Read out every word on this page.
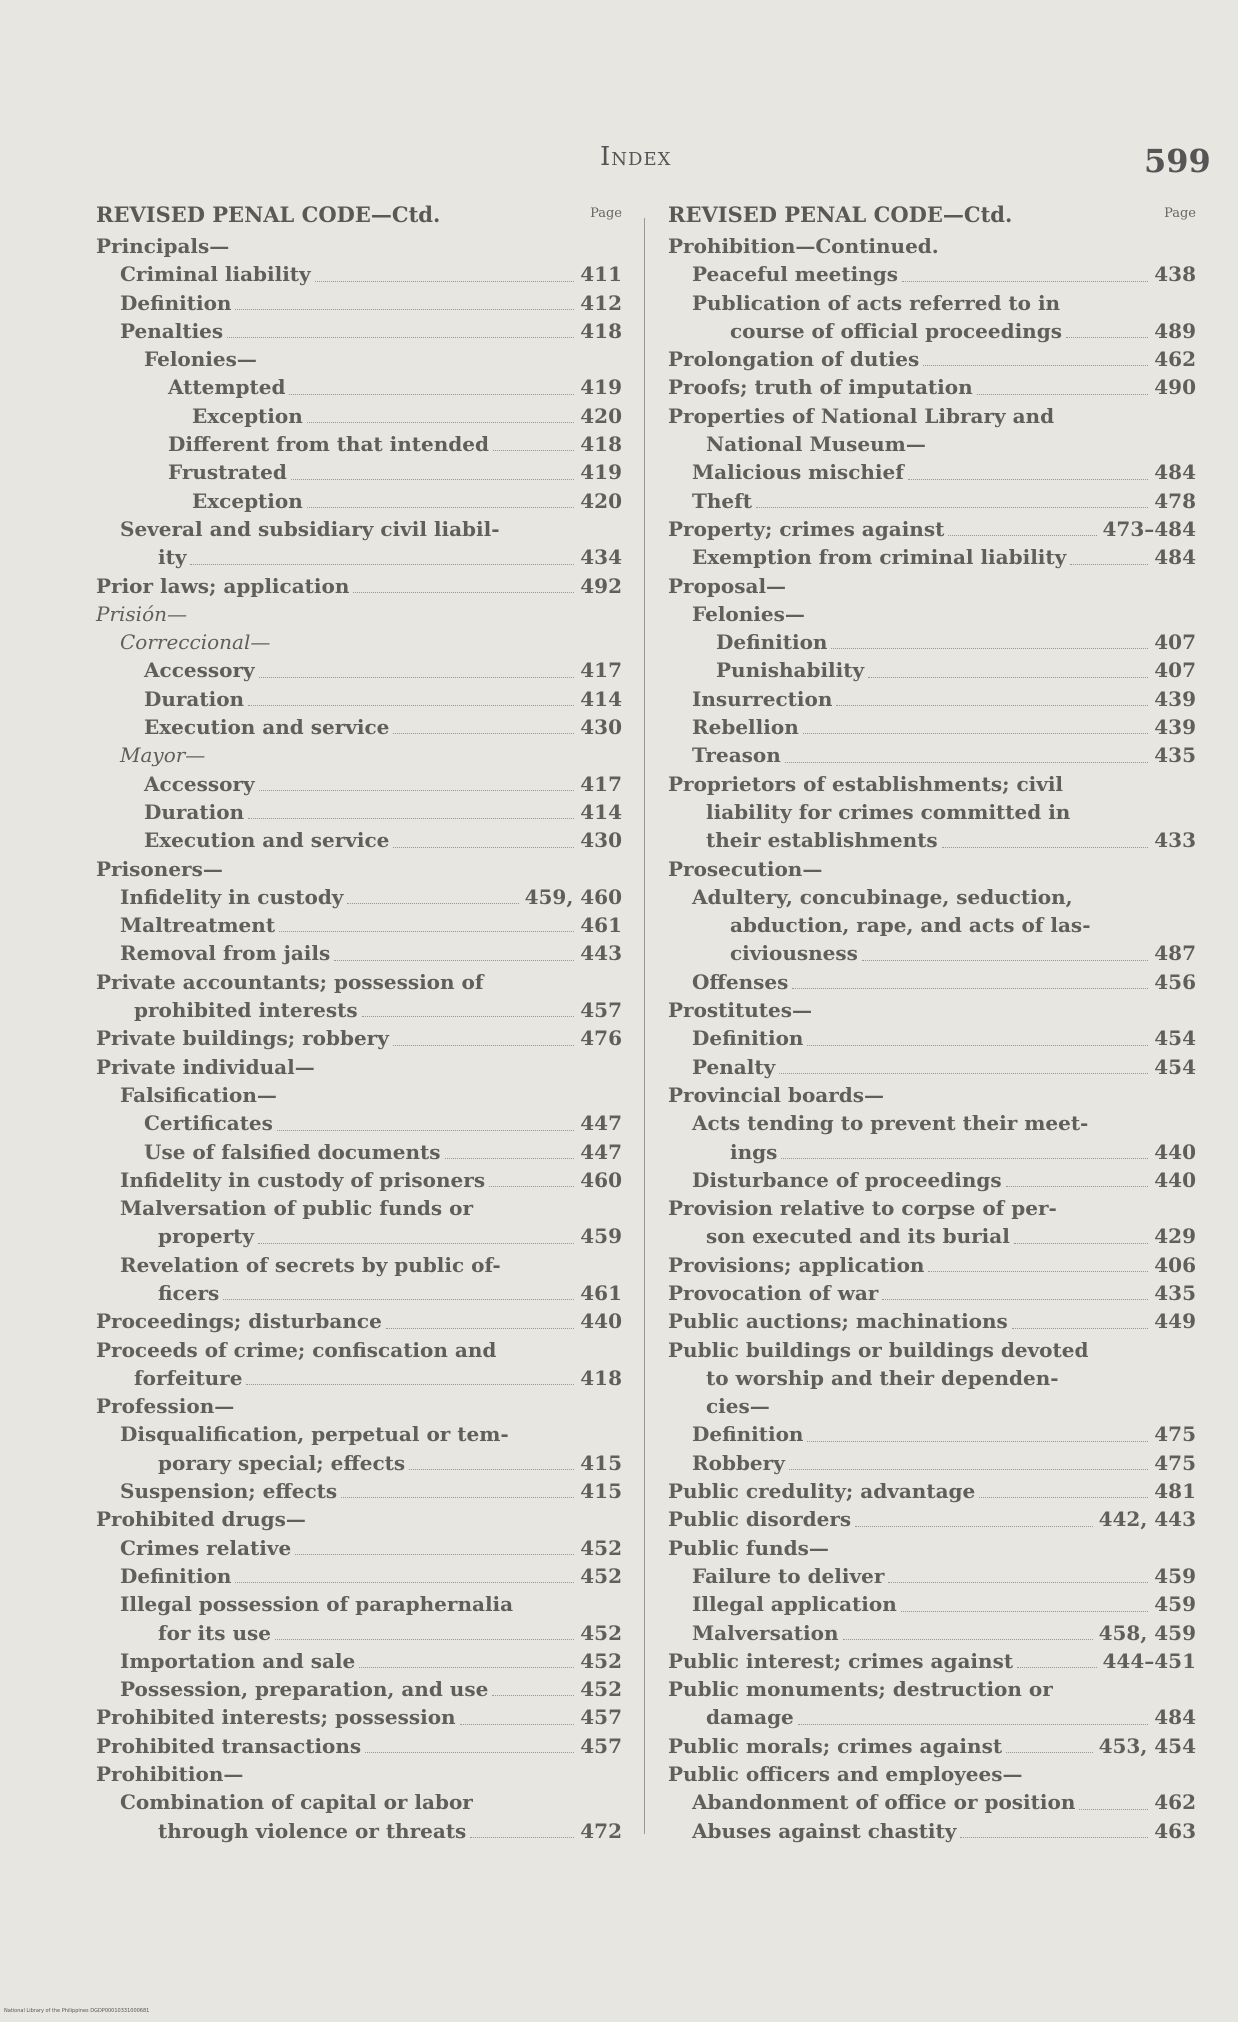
Index	599
REVISED PENAL CODE—Ctd.	Page
Principals—
Criminal liability	411
Definition	412
Penalties	418
Felonies—
Attempted	419
Exception	420
Different from that intended	418
Frustrated	419
Exception	420
Several and subsidiary civil liabil-
ity	434
Prior laws; application	492
Prisión—
Correccional—
Accessory	417
Duration	414
Execution and service	430
Mayor—
Accessory	417
Duration	414
Execution and service	430
Prisoners—
Infidelity in custody	459, 460
Maltreatment	461
Removal from jails	443
Private accountants; possession of
prohibited interests	457
Private buildings; robbery	476
Private individual—
Falsification—
Certificates	447
Use of falsified documents	447
Infidelity in custody of prisoners	460
Malversation of public funds or
property	459
Revelation of secrets by public of-
ficers	461
Proceedings; disturbance	440
Proceeds of crime; confiscation and
forfeiture	418
Profession—
Disqualification, perpetual or tem-
porary special; effects	415
Suspension; effects	415
Prohibited drugs—
Crimes relative	452
Definition	452
Illegal possession of paraphernalia
for its use	452
Importation and sale	452
Possession, preparation, and use	452
Prohibited interests; possession	457
Prohibited transactions	457
Prohibition—
Combination of capital or labor
through violence or threats	472
REVISED PENAL CODE—Ctd.	Page
Prohibition—Continued.
Peaceful meetings	438
Publication of acts referred to in
course of official proceedings	489
Prolongation of duties	462
Proofs; truth of imputation	490
Properties of National Library and
National Museum—
Malicious mischief	484
Theft	478
Property; crimes against	473–484
Exemption from criminal liability	484
Proposal—
Felonies—
Definition	407
Punishability	407
Insurrection	439
Rebellion	439
Treason	435
Proprietors of establishments; civil
liability for crimes committed in
their establishments	433
Prosecution—
Adultery, concubinage, seduction,
abduction, rape, and acts of las-
civiousness	487
Offenses	456
Prostitutes—
Definition	454
Penalty	454
Provincial boards—
Acts tending to prevent their meet-
ings	440
Disturbance of proceedings	440
Provision relative to corpse of per-
son executed and its burial	429
Provisions; application	406
Provocation of war	435
Public auctions; machinations	449
Public buildings or buildings devoted
to worship and their dependen-
cies—
Definition	475
Robbery	475
Public credulity; advantage	481
Public disorders	442, 443
Public funds—
Failure to deliver	459
Illegal application	459
Malversation	458, 459
Public interest; crimes against	444–451
Public monuments; destruction or
damage	484
Public morals; crimes against	453, 454
Public officers and employees—
Abandonment of office or position	462
Abuses against chastity	463
National Library of the Philippines DGDP00010331000681
